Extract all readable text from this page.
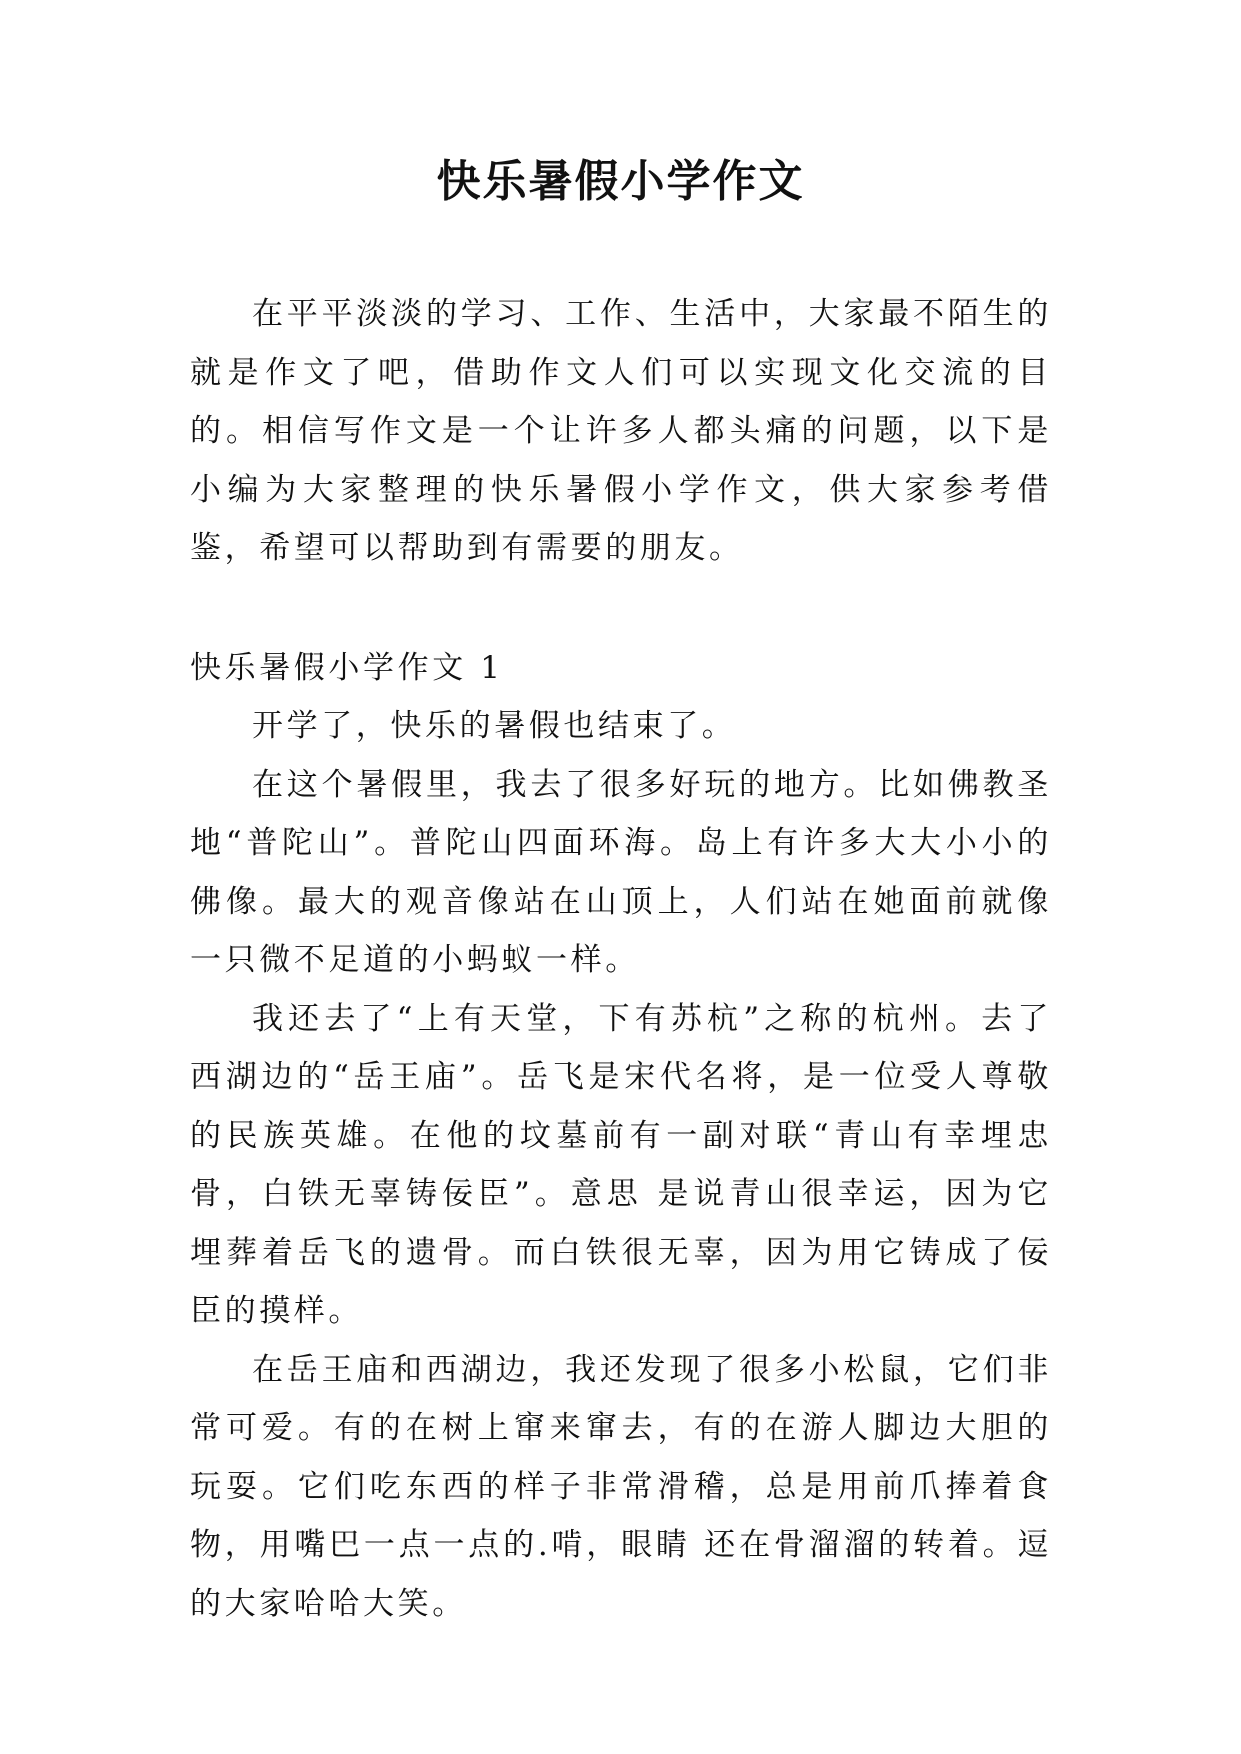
快乐暑假小学作文

在平平淡淡的学习、工作、生活中，大家最不陌生的就是作文了吧，借助作文人们可以实现文化交流的目的。相信写作文是一个让许多人都头痛的问题，以下是小编为大家整理的快乐暑假小学作文，供大家参考借鉴，希望可以帮助到有需要的朋友。

快乐暑假小学作文 1

开学了，快乐的暑假也结束了。

在这个暑假里，我去了很多好玩的地方。比如佛教圣地“普陀山”。普陀山四面环海。岛上有许多大大小小的佛像。最大的观音像站在山顶上，人们站在她面前就像一只微不足道的小蚂蚁一样。

我还去了“上有天堂，下有苏杭”之称的杭州。去了西湖边的“岳王庙”。岳飞是宋代名将，是一位受人尊敬的民族英雄。在他的坟墓前有一副对联“青山有幸埋忠骨，白铁无辜铸佞臣”。意思 是说青山很幸运，因为它埋葬着岳飞的遗骨。而白铁很无辜，因为用它铸成了佞臣的摸样。

在岳王庙和西湖边，我还发现了很多小松鼠，它们非常可爱。有的在树上窜来窜去，有的在游人脚边大胆的玩耍。它们吃东西的样子非常滑稽，总是用前爪捧着食物，用嘴巴一点一点的.啃，眼睛 还在骨溜溜的转着。逗的大家哈哈大笑。
